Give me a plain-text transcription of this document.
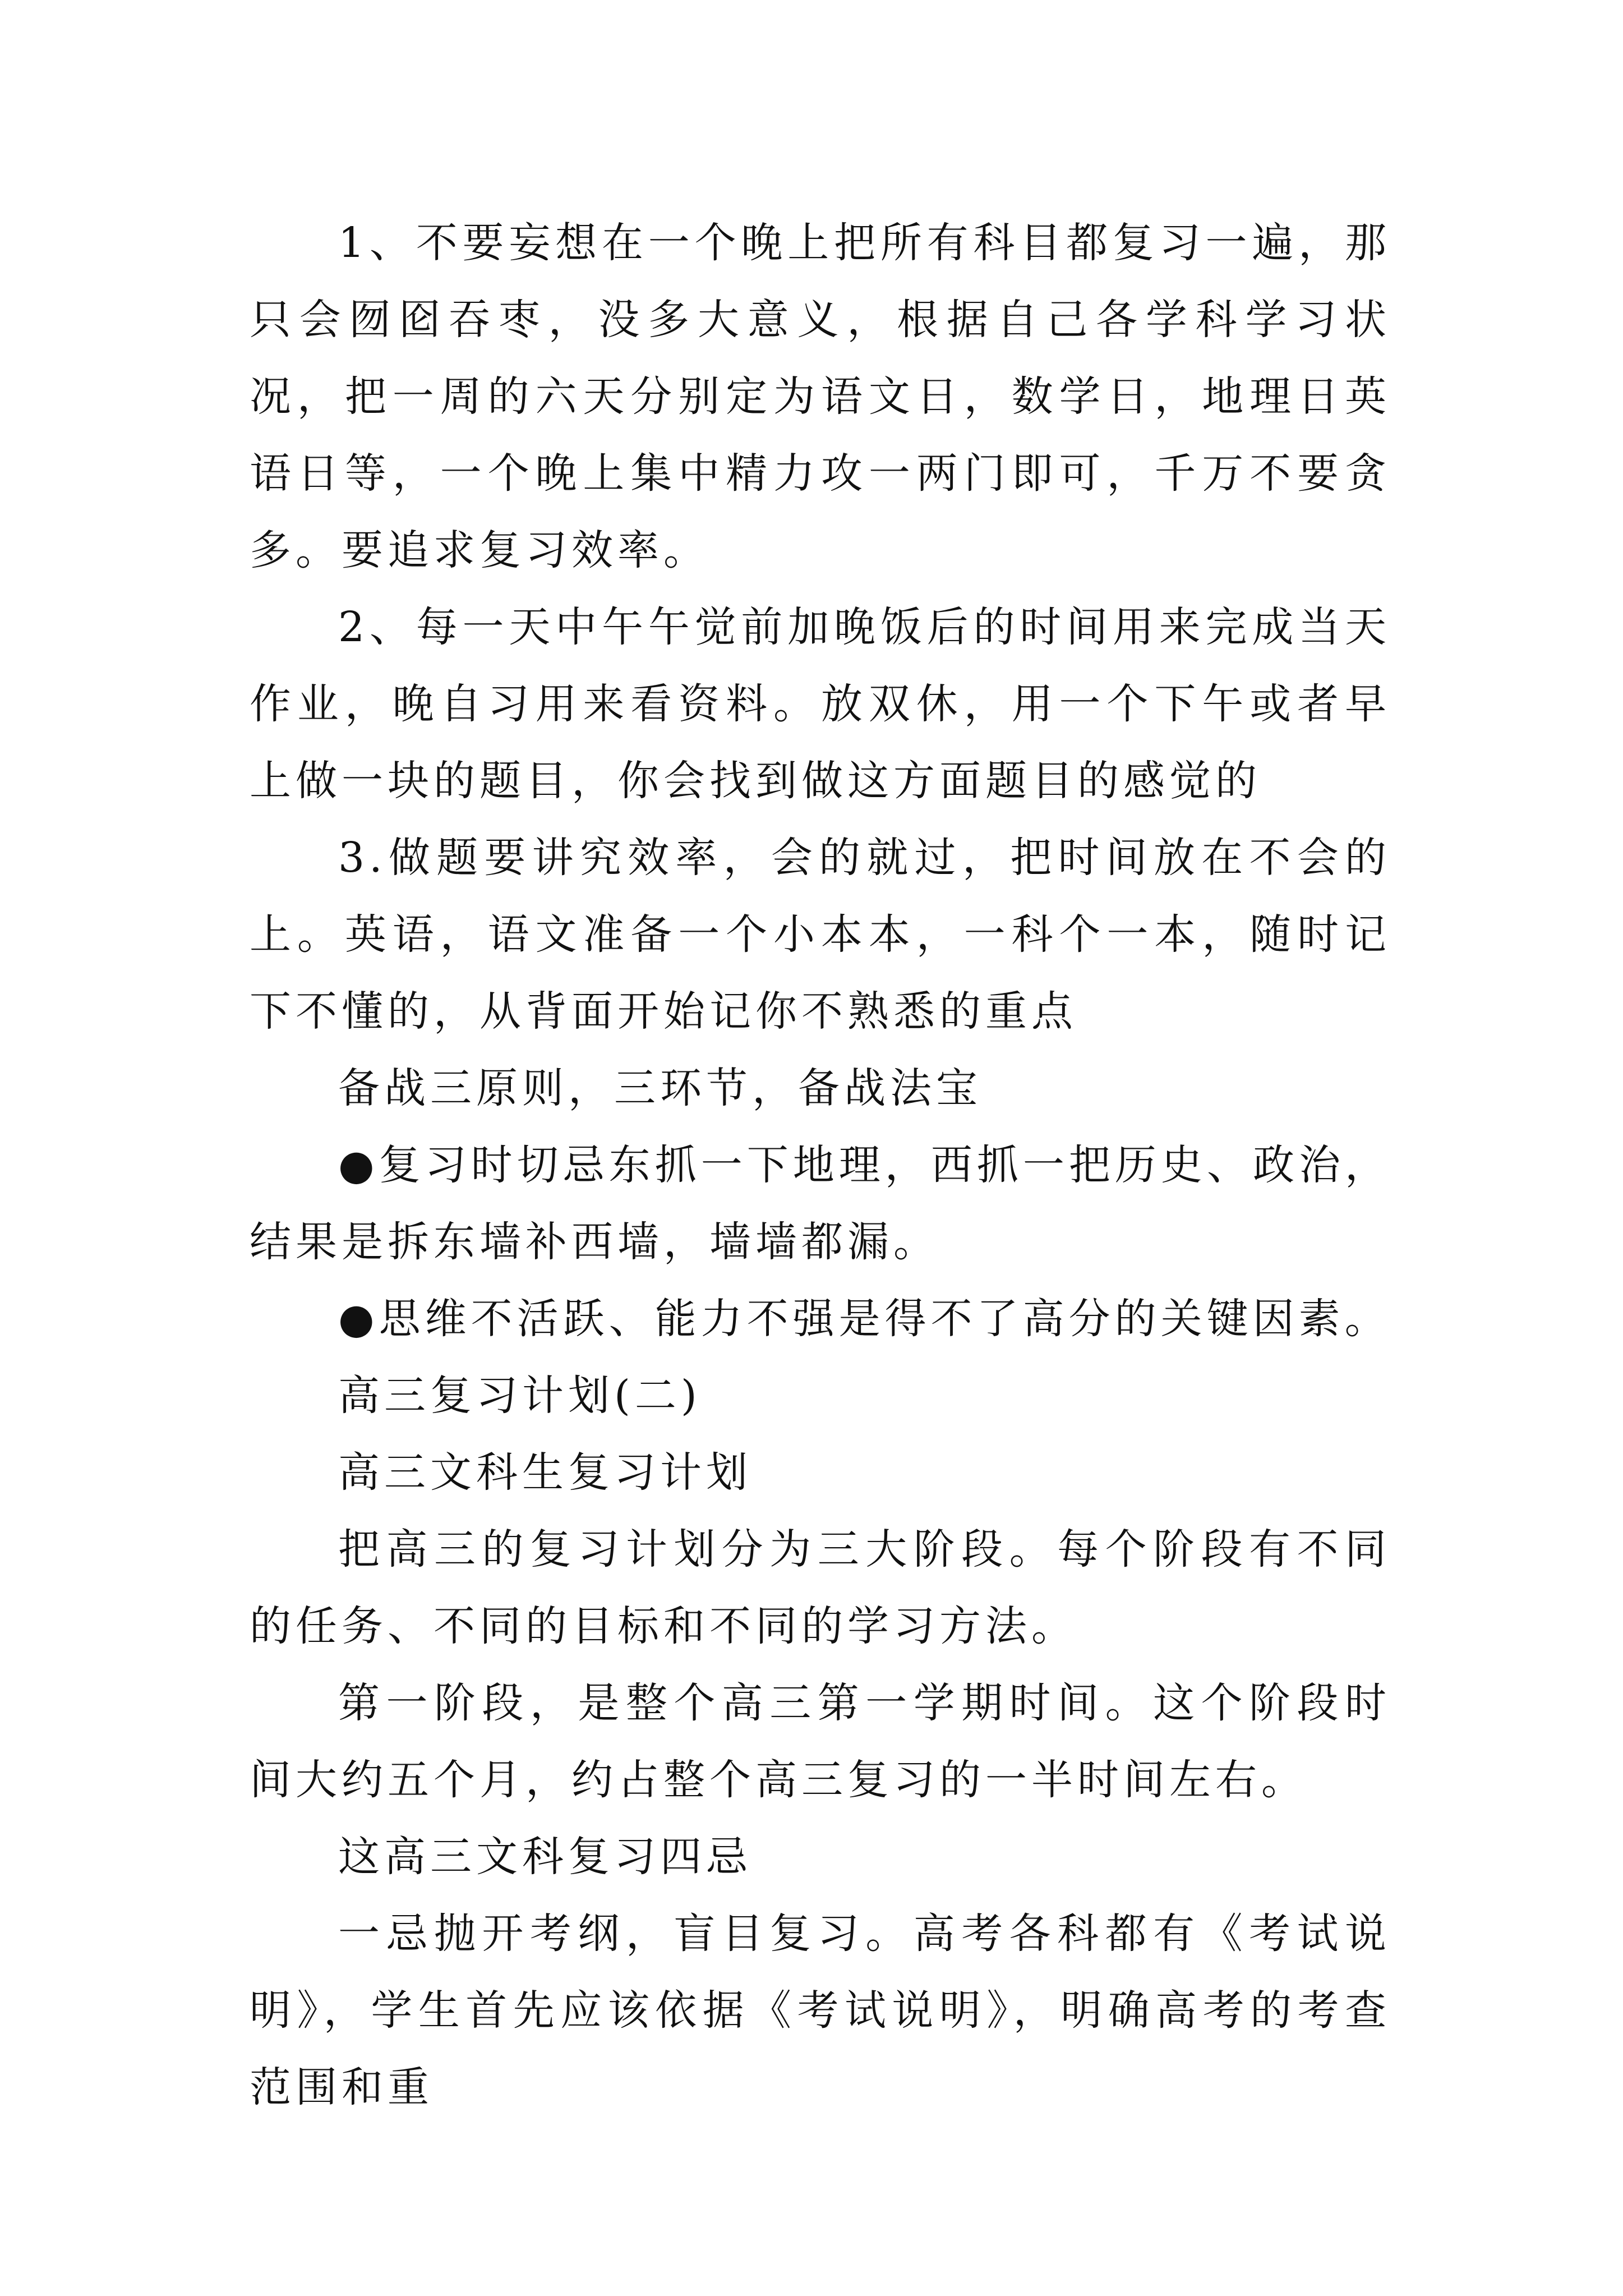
1、不要妄想在一个晚上把所有科目都复习一遍，那只会囫囵吞枣，没多大意义，根据自己各学科学习状况，把一周的六天分别定为语文日，数学日，地理日英语日等，一个晚上集中精力攻一两门即可，千万不要贪多。要追求复习效率。

2、每一天中午午觉前加晚饭后的时间用来完成当天作业，晚自习用来看资料。放双休，用一个下午或者早上做一块的题目，你会找到做这方面题目的感觉的

3.做题要讲究效率，会的就过，把时间放在不会的上。英语，语文准备一个小本本，一科个一本，随时记下不懂的，从背面开始记你不熟悉的重点

备战三原则，三环节，备战法宝

●复习时切忌东抓一下地理，西抓一把历史、政治，结果是拆东墙补西墙，墙墙都漏。

●思维不活跃、能力不强是得不了高分的关键因素。

高三复习计划(二)

高三文科生复习计划

把高三的复习计划分为三大阶段。每个阶段有不同的任务、不同的目标和不同的学习方法。

第一阶段，是整个高三第一学期时间。这个阶段时间大约五个月，约占整个高三复习的一半时间左右。

这高三文科复习四忌

一忌抛开考纲，盲目复习。高考各科都有《考试说明》，学生首先应该依据《考试说明》，明确高考的考查范围和重
